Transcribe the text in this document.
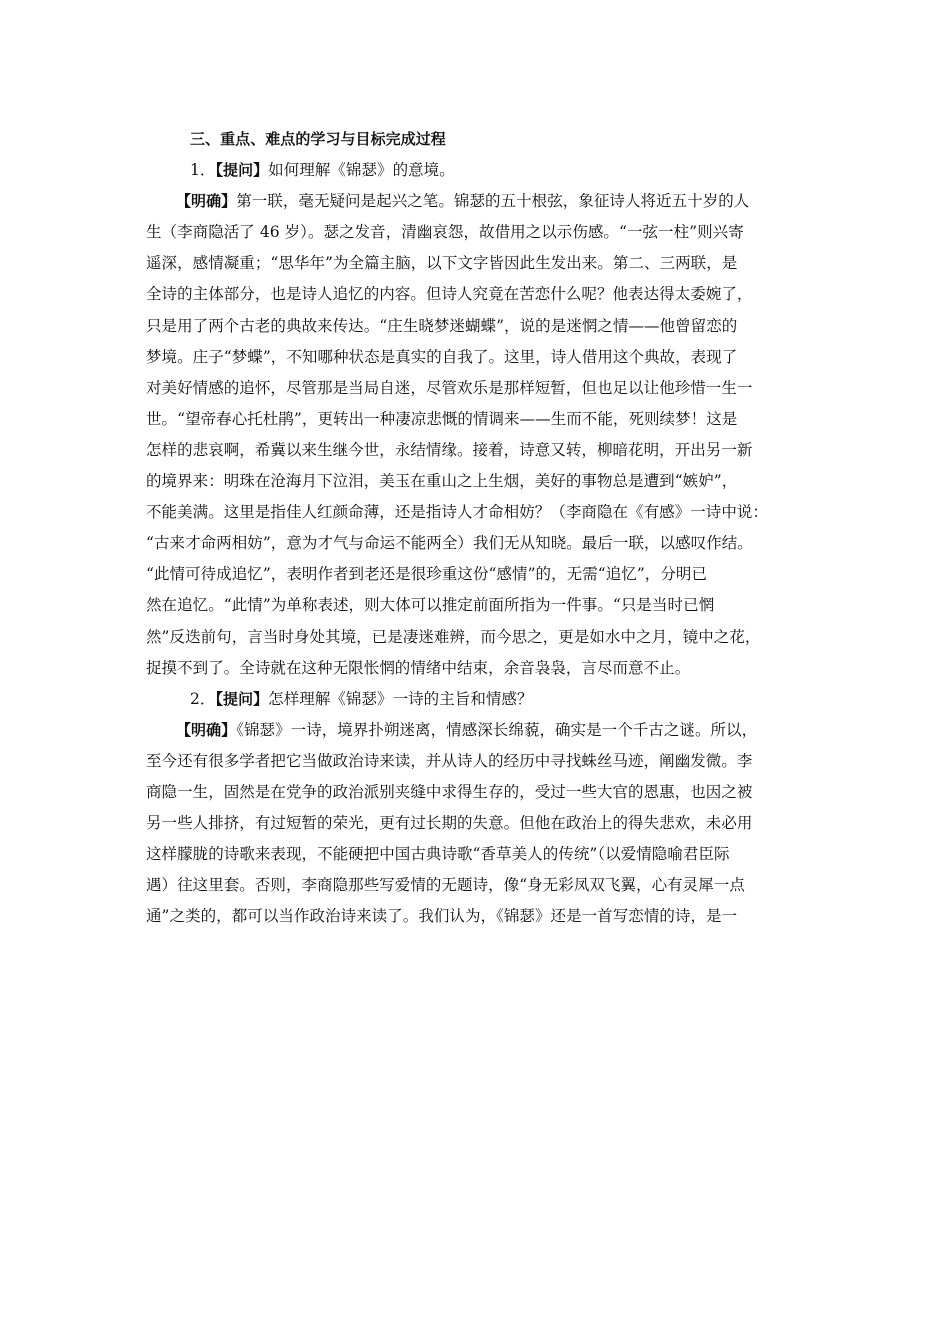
三、重点、难点的学习与目标完成过程
1．【提问】如何理解《锦瑟》的意境。
【明确】第一联，毫无疑问是起兴之笔。锦瑟的五十根弦，象征诗人将近五十岁的人
生（李商隐活了 46 岁）。瑟之发音，清幽哀怨，故借用之以示伤感。“一弦一柱”则兴寄
遥深，感情凝重；“思华年”为全篇主脑，以下文字皆因此生发出来。第二、三两联，是
全诗的主体部分，也是诗人追忆的内容。但诗人究竟在苦恋什么呢？他表达得太委婉了，
只是用了两个古老的典故来传达。“庄生晓梦迷蝴蝶”，说的是迷惘之情——他曾留恋的
梦境。庄子“梦蝶”，不知哪种状态是真实的自我了。这里，诗人借用这个典故，表现了
对美好情感的追怀，尽管那是当局自迷，尽管欢乐是那样短暂，但也足以让他珍惜一生一
世。“望帝春心托杜鹃”，更转出一种凄凉悲慨的情调来——生而不能，死则续梦！这是
怎样的悲哀啊，希冀以来生继今世，永结情缘。接着，诗意又转，柳暗花明，开出另一新
的境界来：明珠在沧海月下泣泪，美玉在重山之上生烟，美好的事物总是遭到“嫉妒”，
不能美满。这里是指佳人红颜命薄，还是指诗人才命相妨？（李商隐在《有感》一诗中说：
“古来才命两相妨”，意为才气与命运不能两全）我们无从知晓。最后一联，以感叹作结。
“此情可待成追忆”，表明作者到老还是很珍重这份“感情”的，无需“追忆”，分明已
然在追忆。“此情”为单称表述，则大体可以推定前面所指为一件事。“只是当时已惘
然”反迭前句，言当时身处其境，已是凄迷难辨，而今思之，更是如水中之月，镜中之花，
捉摸不到了。全诗就在这种无限怅惘的情绪中结束，余音袅袅，言尽而意不止。
2．【提问】怎样理解《锦瑟》一诗的主旨和情感？
【明确】《锦瑟》一诗，境界扑朔迷离，情感深长绵藐，确实是一个千古之谜。所以，
至今还有很多学者把它当做政治诗来读，并从诗人的经历中寻找蛛丝马迹，阐幽发微。李
商隐一生，固然是在党争的政治派别夹缝中求得生存的，受过一些大官的恩惠，也因之被
另一些人排挤，有过短暂的荣光，更有过长期的失意。但他在政治上的得失悲欢，未必用
这样朦胧的诗歌来表现，不能硬把中国古典诗歌“香草美人的传统”（以爱情隐喻君臣际
遇）往这里套。否则，李商隐那些写爱情的无题诗，像“身无彩凤双飞翼，心有灵犀一点
通”之类的，都可以当作政治诗来读了。我们认为，《锦瑟》还是一首写恋情的诗，是一
